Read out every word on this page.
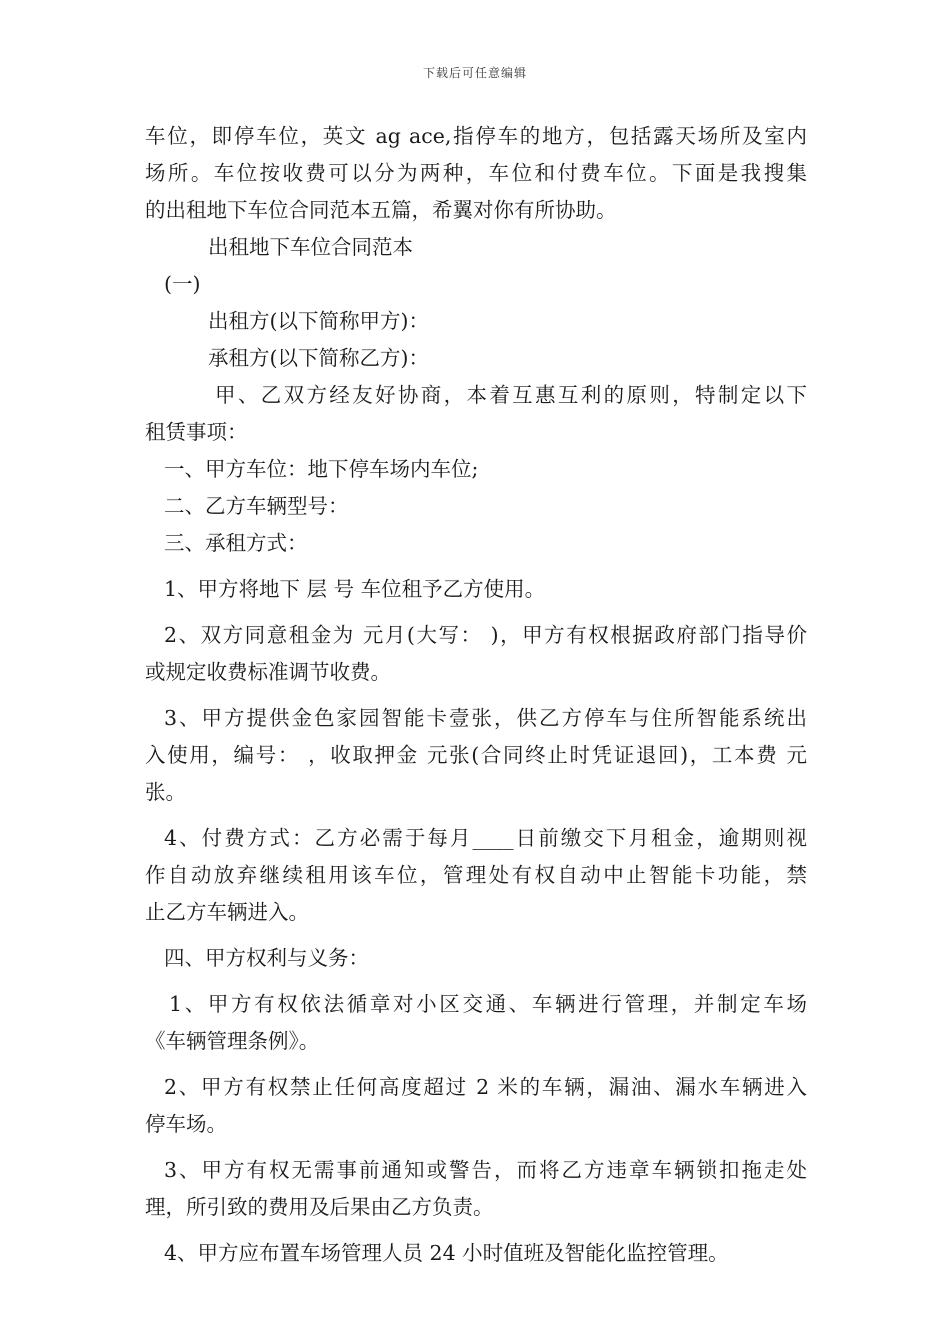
下载后可任意编辑
车位，即停车位，英文 ag ace,指停车的地方，包括露天场所及室内
场所。车位按收费可以分为两种，车位和付费车位。下面是我搜集
的出租地下车位合同范本五篇，希翼对你有所协助。
出租地下车位合同范本
(一)
出租方(以下简称甲方)：
承租方(以下简称乙方)：
甲、乙双方经友好协商，本着互惠互利的原则，特制定以下
租赁事项：
一、甲方车位：地下停车场内车位;
二、乙方车辆型号：
三、承租方式：
1、甲方将地下 层 号 车位租予乙方使用。
2、双方同意租金为 元月(大写： )，甲方有权根据政府部门指导价
或规定收费标准调节收费。
3、甲方提供金色家园智能卡壹张，供乙方停车与住所智能系统出
入使用，编号： ，收取押金 元张(合同终止时凭证退回)，工本费 元
张。
4、付费方式：乙方必需于每月____日前缴交下月租金，逾期则视
作自动放弃继续租用该车位，管理处有权自动中止智能卡功能，禁
止乙方车辆进入。
四、甲方权利与义务：
1、甲方有权依法循章对小区交通、车辆进行管理，并制定车场
《车辆管理条例》。
2、甲方有权禁止任何高度超过 2 米的车辆，漏油、漏水车辆进入
停车场。
3、甲方有权无需事前通知或警告，而将乙方违章车辆锁扣拖走处
理，所引致的费用及后果由乙方负责。
4、甲方应布置车场管理人员 24 小时值班及智能化监控管理。
